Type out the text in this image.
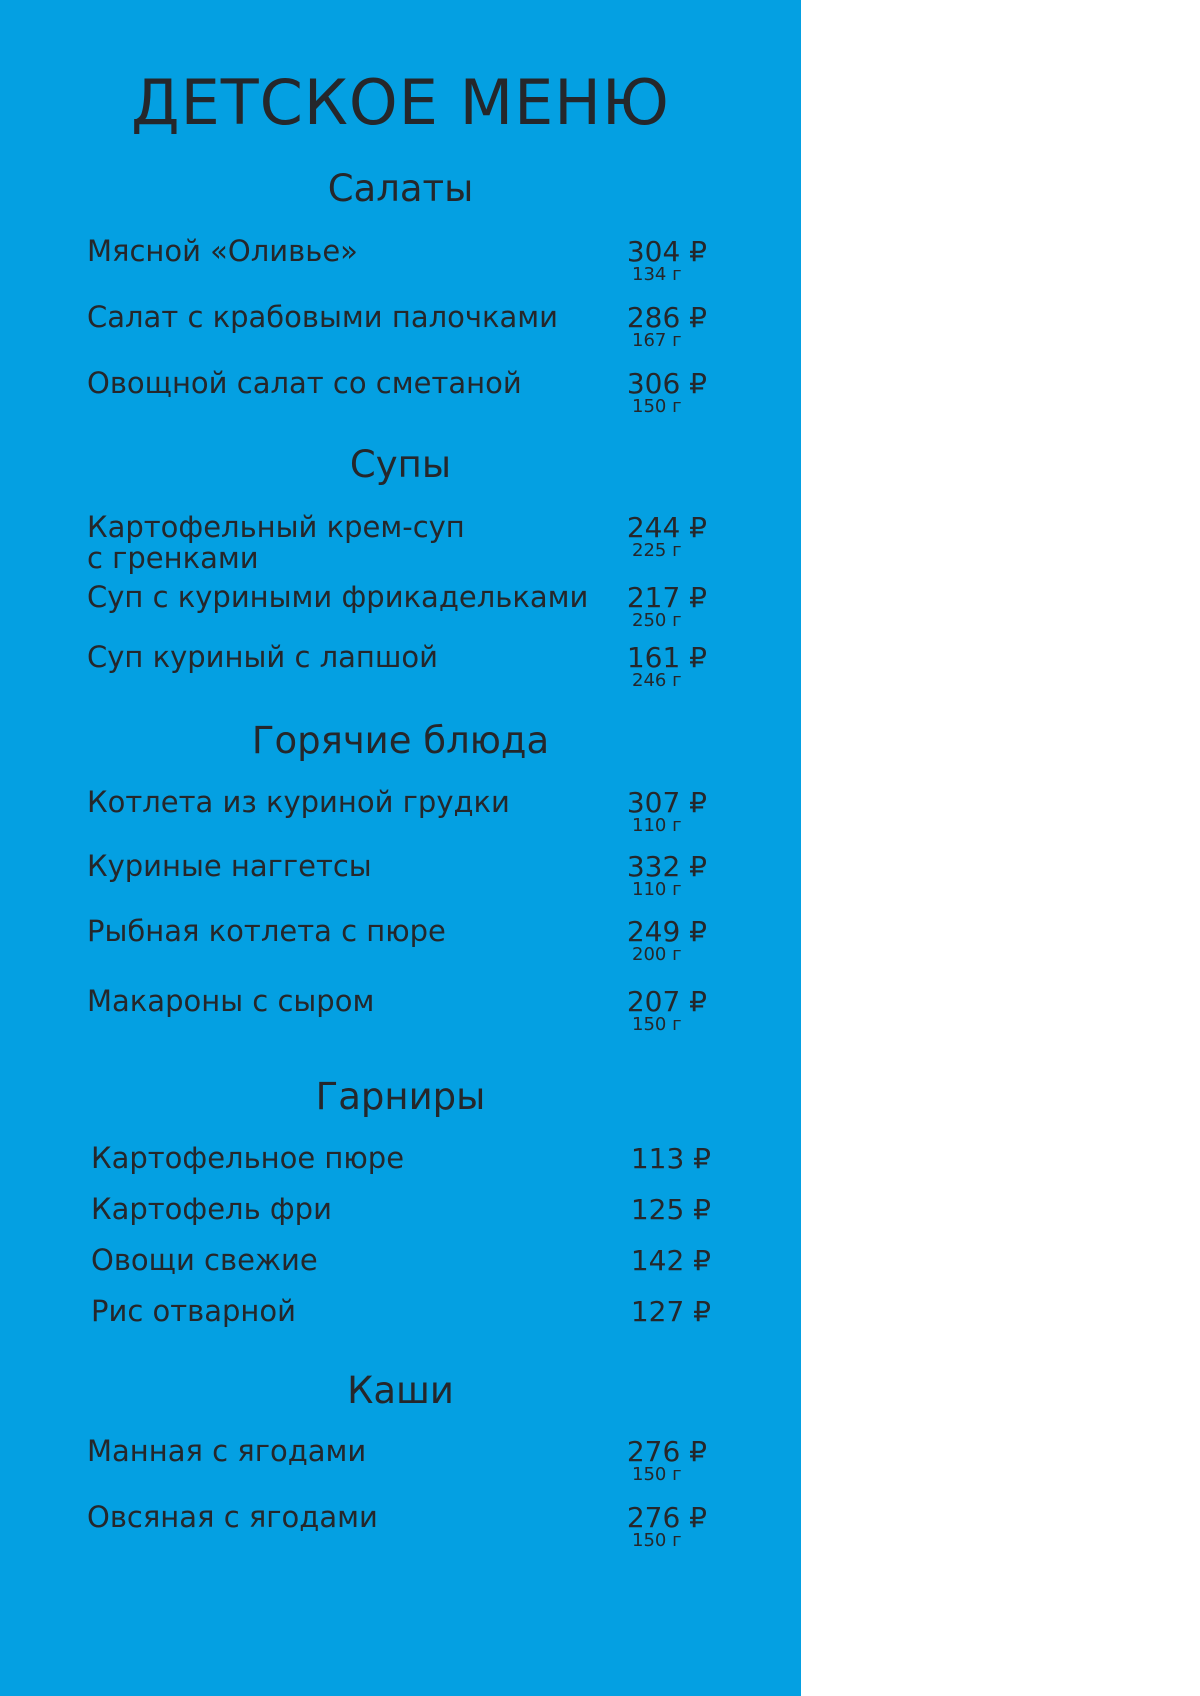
ДЕТСКОЕ МЕНЮ
Салаты
Мясной «Оливье»	304 ₽
134 г
Салат с крабовыми палочками 286 ₽
167 г
Овощной салат со сметаной	306 ₽
150 г
Супы
Картофельный крем-суп
с гренками
244 ₽
225 г
Суп с куриными фрикадельками 217 ₽
250 г
Суп куриный с лапшой	161 ₽
246 г
Горячие блюда
Котлета из куриной грудки	307 ₽
110 г
Куриные наггетсы	332 ₽
110 г
Рыбная котлета с пюре	249 ₽
200 г
Макароны с сыром	207 ₽
150 г
Гарниры
Картофельное пюре	113 ₽
Картофель фри	125 ₽
Овощи свежие	142 ₽
Рис отварной	127 ₽
Каши
Манная с ягодами	276 ₽
150 г
Овсяная с ягодами	276 ₽
150 г
